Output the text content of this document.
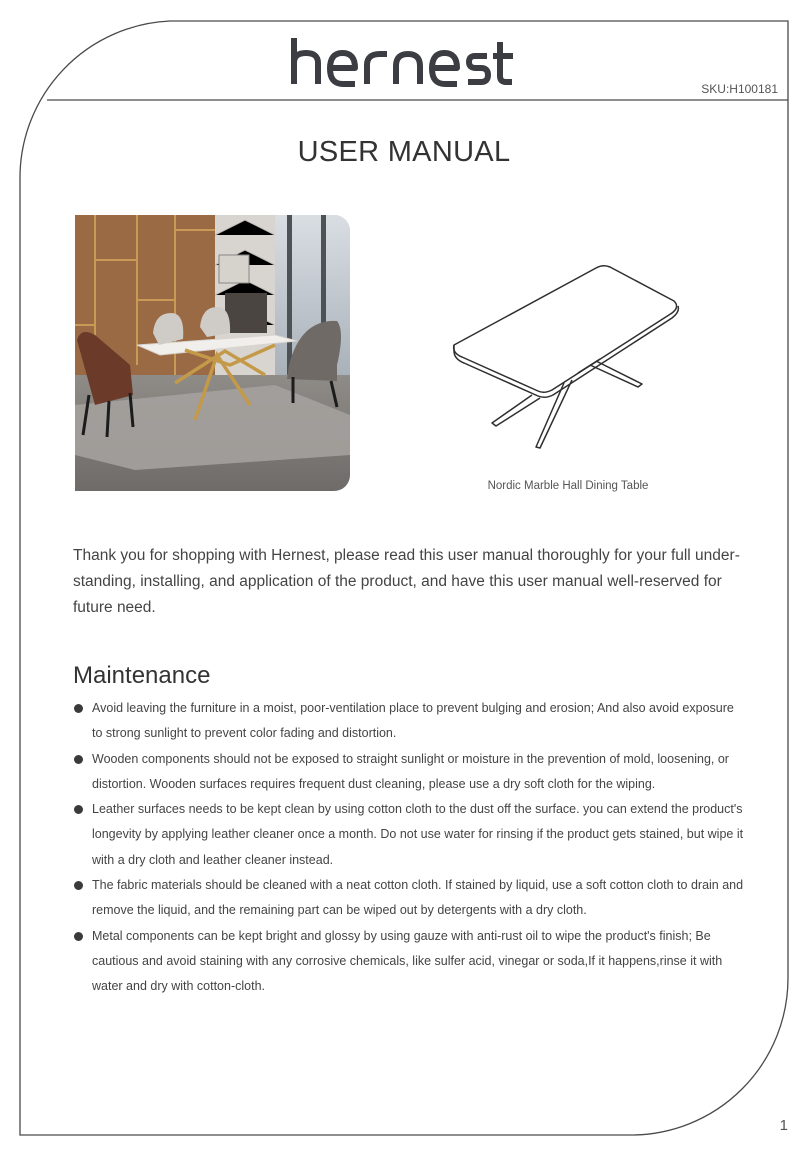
SKU:H100181
USER MANUAL
Nordic Marble Hall Dining Table

Thank you for shopping with Hernest, please read this user manual thoroughly for your full under-standing, installing, and application of the product, and have this user manual well-reserved for future need.

Maintenance
Avoid leaving the furniture in a moist, poor-ventilation place to prevent bulging and erosion; And also avoid exposure to strong sunlight to prevent color fading and distortion.
Wooden components should not be exposed to straight sunlight or moisture in the prevention of mold, loosening, or distortion. Wooden surfaces requires frequent dust cleaning, please use a dry soft cloth for the wiping.
Leather surfaces needs to be kept clean by using cotton cloth to the dust off the surface. you can extend the product's longevity by applying leather cleaner once a month. Do not use water for rinsing if the product gets stained, but wipe it with a dry cloth and leather cleaner instead.
The fabric materials should be cleaned with a neat cotton cloth. If stained by liquid, use a soft cotton cloth to drain and remove the liquid, and the remaining part can be wiped out by detergents with a dry cloth.
Metal components can be kept bright and glossy by using gauze with anti-rust oil to wipe the product's finish; Be cautious and avoid staining with any corrosive chemicals, like sulfer acid, vinegar or soda,If it happens,rinse it with water and dry with cotton-cloth.
1
